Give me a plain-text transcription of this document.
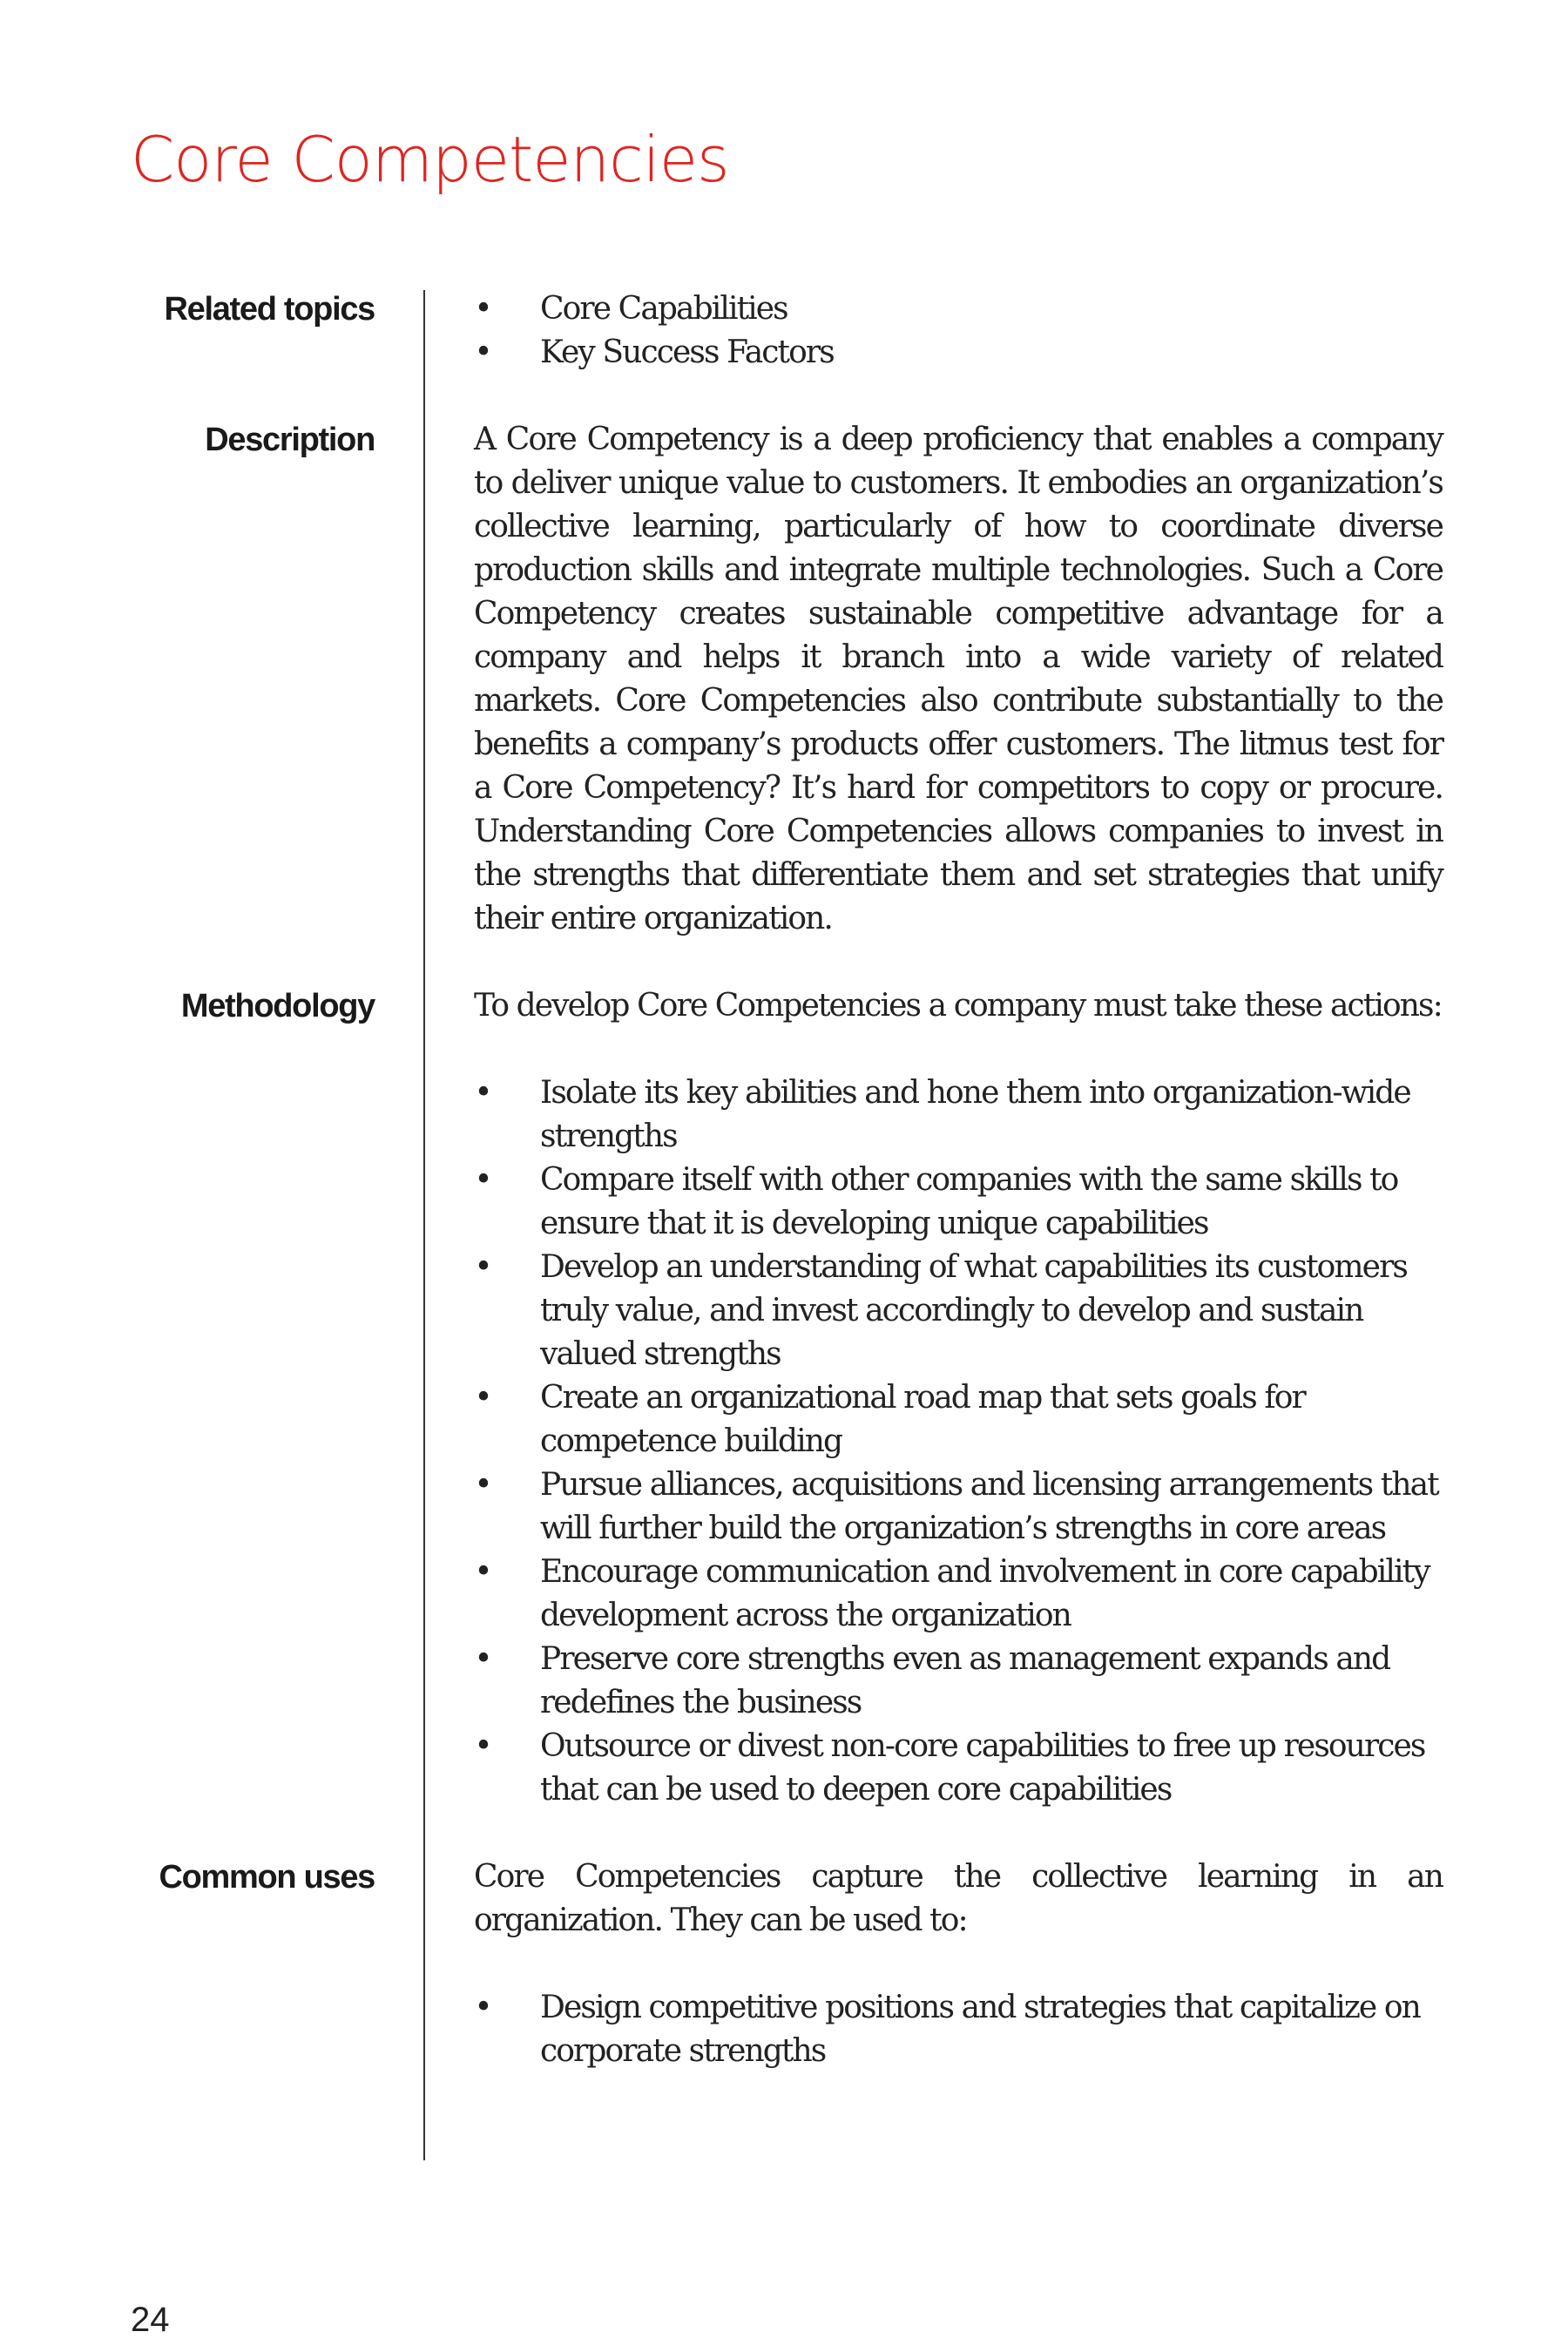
Core Competencies
Related topics	• Core Capabilities
• Key Success Factors
Description	A Core Competency is a deep proficiency that enables a company to deliver unique value to customers. It embodies an organization’s collective learning, particularly of how to coordinate diverse production skills and integrate multiple technologies. Such a Core Competency creates sustainable competitive advantage for a company and helps it branch into a wide variety of related markets. Core Competencies also contribute substantially to the benefits a company’s products offer customers. The litmus test for a Core Competency? It’s hard for competitors to copy or procure. Understanding Core Competencies allows companies to invest in the strengths that differentiate them and set strategies that unify their entire organization.

Methodology	To develop Core Competencies a company must take these actions:

• Isolate its key abilities and hone them into organization-wide strengths
• Compare itself with other companies with the same skills to ensure that it is developing unique capabilities
• Develop an understanding of what capabilities its customers truly value, and invest accordingly to develop and sustain valued strengths
• Create an organizational road map that sets goals for competence building
• Pursue alliances, acquisitions and licensing arrangements that will further build the organization’s strengths in core areas
• Encourage communication and involvement in core capability development across the organization
• Preserve core strengths even as management expands and redefines the business
• Outsource or divest non-core capabilities to free up resources that can be used to deepen core capabilities
Common uses	Core Competencies capture the collective learning in an organization. They can be used to:

• Design competitive positions and strategies that capitalize on corporate strengths
24
